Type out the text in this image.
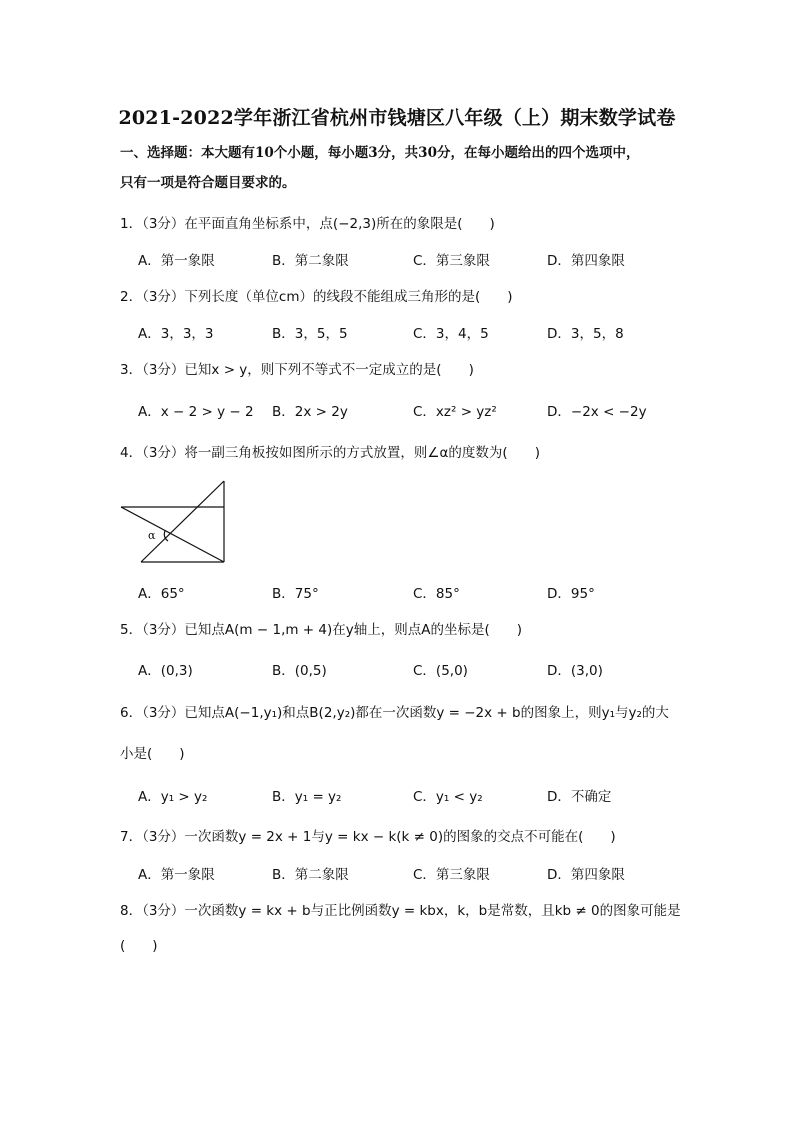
2021-2022学年浙江省杭州市钱塘区八年级（上）期末数学试卷
一、选择题：本大题有10个小题，每小题3分，共30分，在每小题给出的四个选项中，
只有一项是符合题目要求的。
1．（3分）在平面直角坐标系中，点(−2,3)所在的象限是(　　)
A．第一象限	B．第二象限	C．第三象限	D．第四象限
2．（3分）下列长度（单位cm）的线段不能组成三角形的是(　　)
A．3，3，3	B．3，5，5	C．3，4，5	D．3，5，8
3．（3分）已知x > y，则下列不等式不一定成立的是(　　)
A．x − 2 > y − 2 B．2x > 2y	C．xz² > yz²	D．−2x < −2y
4．（3分）将一副三角板按如图所示的方式放置，则∠α的度数为(　　)
α
A．65°	B．75°	C．85°	D．95°
5．（3分）已知点A(m − 1,m + 4)在y轴上，则点A的坐标是(　　)
A．(0,3)	B．(0,5)	C．(5,0)	D．(3,0)
6．（3分）已知点A(−1,y₁)和点B(2,y₂)都在一次函数y = −2x + b的图象上，则y₁与y₂的大
小是(　　)
A．y₁ > y₂	B．y₁ = y₂	C．y₁ < y₂	D．不确定
7．（3分）一次函数y = 2x + 1与y = kx − k(k ≠ 0)的图象的交点不可能在(　　)
A．第一象限	B．第二象限	C．第三象限	D．第四象限
8．（3分）一次函数y = kx + b与正比例函数y = kbx，k，b是常数，且kb ≠ 0的图象可能是
(　　)
